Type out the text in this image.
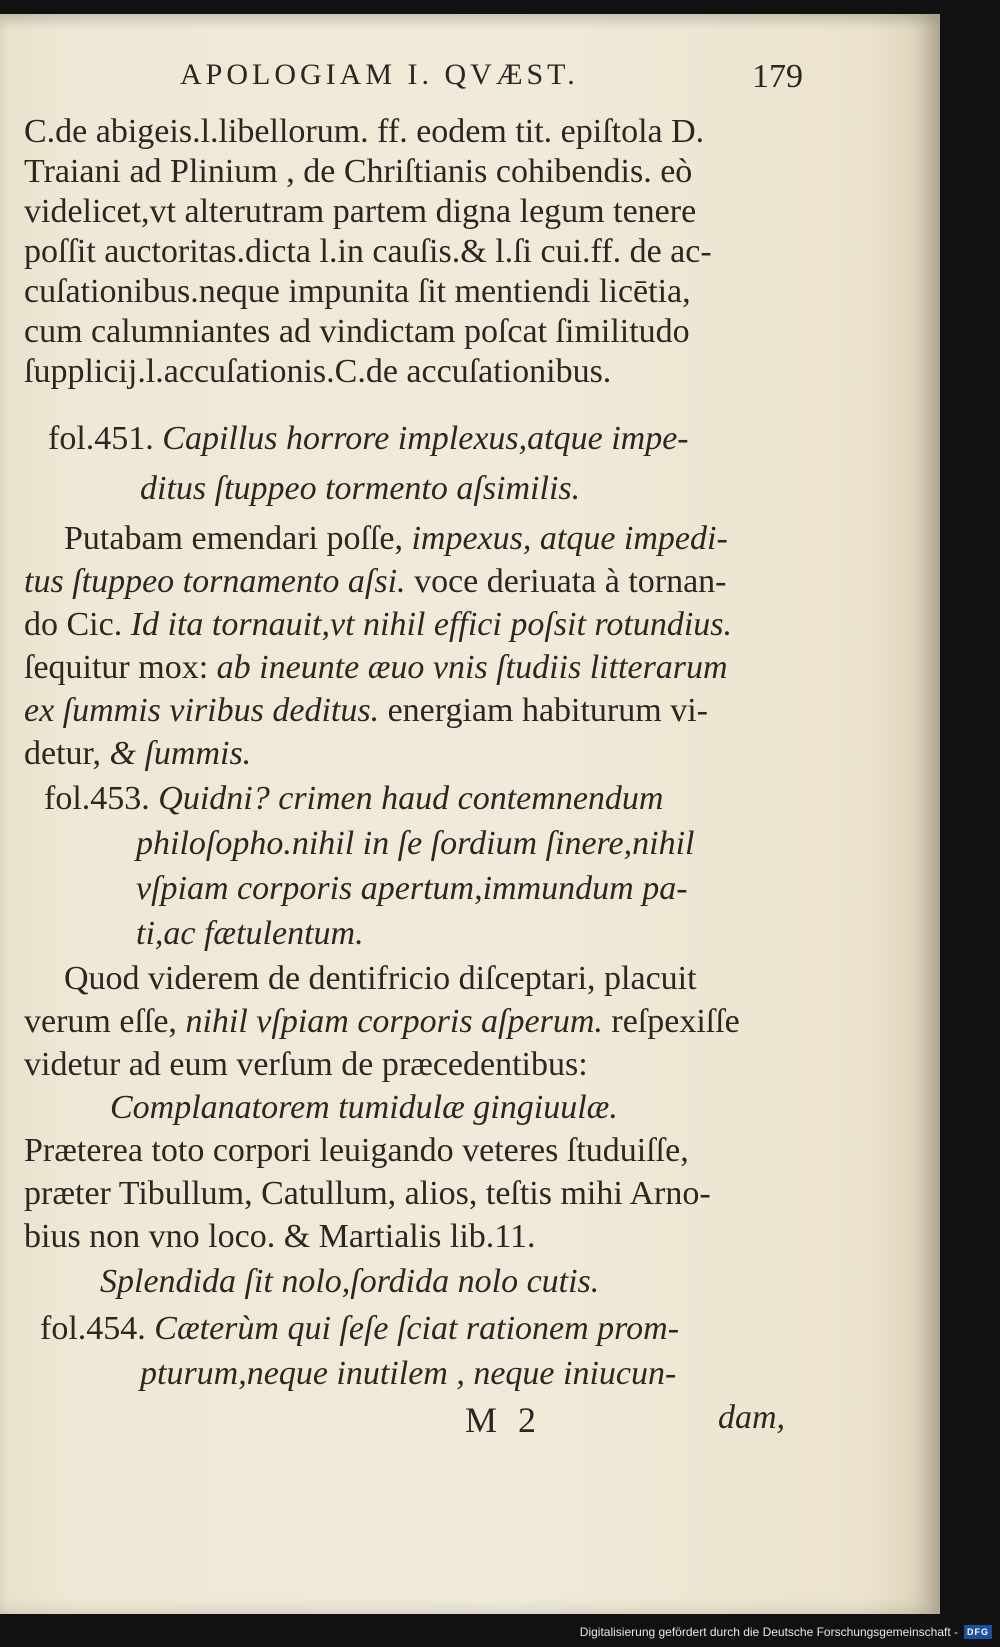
APOLOGIAM I. QVÆST.	179
C.de abigeis.l.libellorum. ff. eodem tit. epiſtola D.
Traiani ad Plinium , de Chriſtianis cohibendis. eò
videlicet,vt alterutram partem digna legum tenere
poſſit auctoritas.dicta l.in cauſis.& l.ſi cui.ff. de ac-
cuſationibus.neque impunita ſit mentiendi licētia,
cum calumniantes ad vindictam poſcat ſimilitudo
ſupplicij.l.accuſationis.C.de accuſationibus.
fol.451. Capillus horrore implexus,atque impe-
ditus ſtuppeo tormento aſsimilis.
Putabam emendari poſſe, impexus, atque impedi-
tus ſtuppeo tornamento aſsi. voce deriuata à tornan-
do Cic. Id ita tornauit,vt nihil effici poſsit rotundius.
ſequitur mox: ab ineunte æuo vnis ſtudiis litterarum
ex ſummis viribus deditus. energiam habiturum vi-
detur, & ſummis.
fol.453. Quidni? crimen haud contemnendum
philoſopho.nihil in ſe ſordium ſinere,nihil
vſpiam corporis apertum,immundum pa-
ti,ac fætulentum.
Quod viderem de dentifricio diſceptari, placuit
verum eſſe, nihil vſpiam corporis aſperum. reſpexiſſe
videtur ad eum verſum de præcedentibus:
Complanatorem tumidulæ gingiuulæ.
Præterea toto corpori leuigando veteres ſtuduiſſe,
præter Tibullum, Catullum, alios, teſtis mihi Arno-
bius non vno loco. & Martialis lib.11.
Splendida ſit nolo,ſordida nolo cutis.
fol.454. Cæterùm qui ſeſe ſciat rationem prom-
pturum,neque inutilem , neque iniucun-
M 2	dam,
Digitalisierung gefördert durch die Deutsche Forschungsgemeinschaft -	DFG
